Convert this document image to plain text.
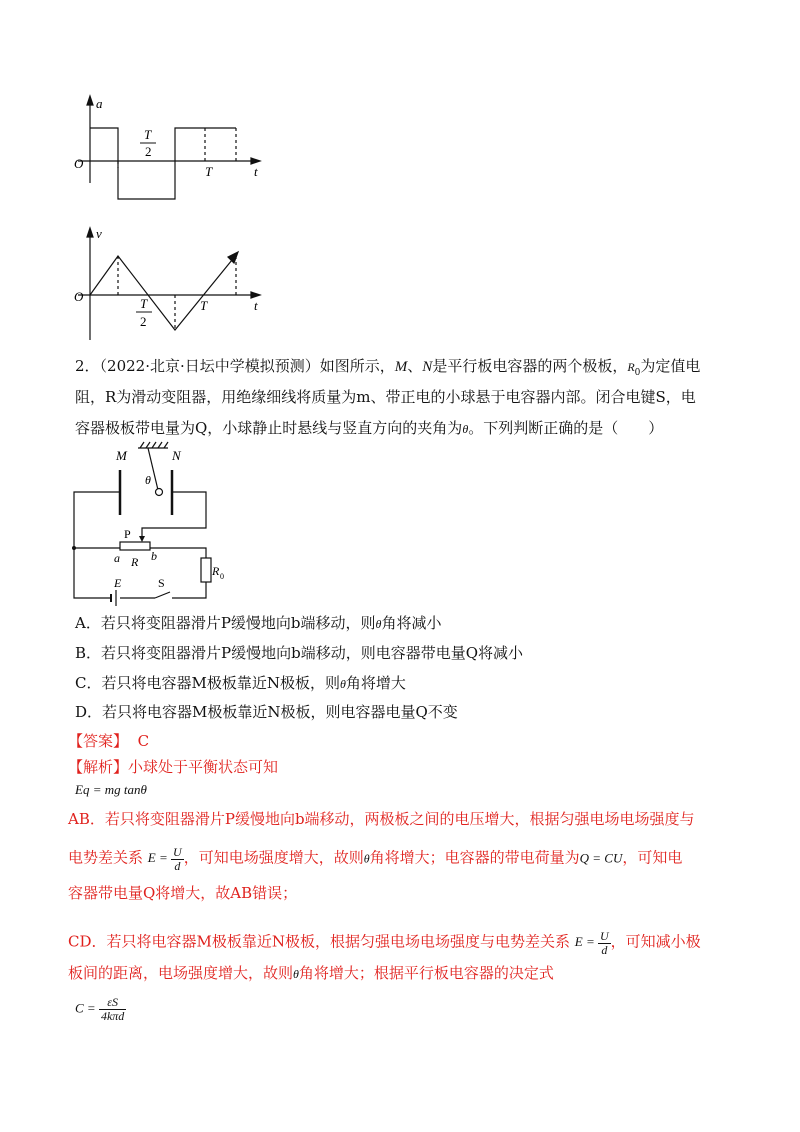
a
t
O
T
2
T
v
t
O	T
2
T
2．（2022·北京·日坛中学模拟预测）如图所示，M、N是平行板电容器的两个极板，$R_0$为定值电
阻，R为滑动变阻器，用绝缘细线将质量为m、带正电的小球悬于电容器内部。闭合电键S，电
容器极板带电量为Q，小球静止时悬线与竖直方向的夹角为θ。下列判断正确的是（　　）
M	N
θ
P
a R b
R 0
E	S
A．若只将变阻器滑片P缓慢地向b端移动，则θ角将减小
B．若只将变阻器滑片P缓慢地向b端移动，则电容器带电量Q将减小
C．若只将电容器M极板靠近N极板，则θ角将增大
D．若只将电容器M极板靠近N极板，则电容器电量Q不变
【答案】 C
【解析】小球处于平衡状态可知
Eq = mg tanθ
AB．若只将变阻器滑片P缓慢地向b端移动，两极板之间的电压增大，根据匀强电场电场强度与
电势差关系 $E = \frac{U}{d}$ ，可知电场强度增大，故则θ角将增大；电容器的带电荷量为Q = CU，可知电
容器带电量Q将增大，故AB错误；
CD．若只将电容器M极板靠近N极板，根据匀强电场电场强度与电势差关系 $E = \frac{U}{d}$ ，可知减小极
板间的距离，电场强度增大，故则θ角将增大；根据平行板电容器的决定式
$C = \frac{\varepsilon S}{\text{4kπd}}$
